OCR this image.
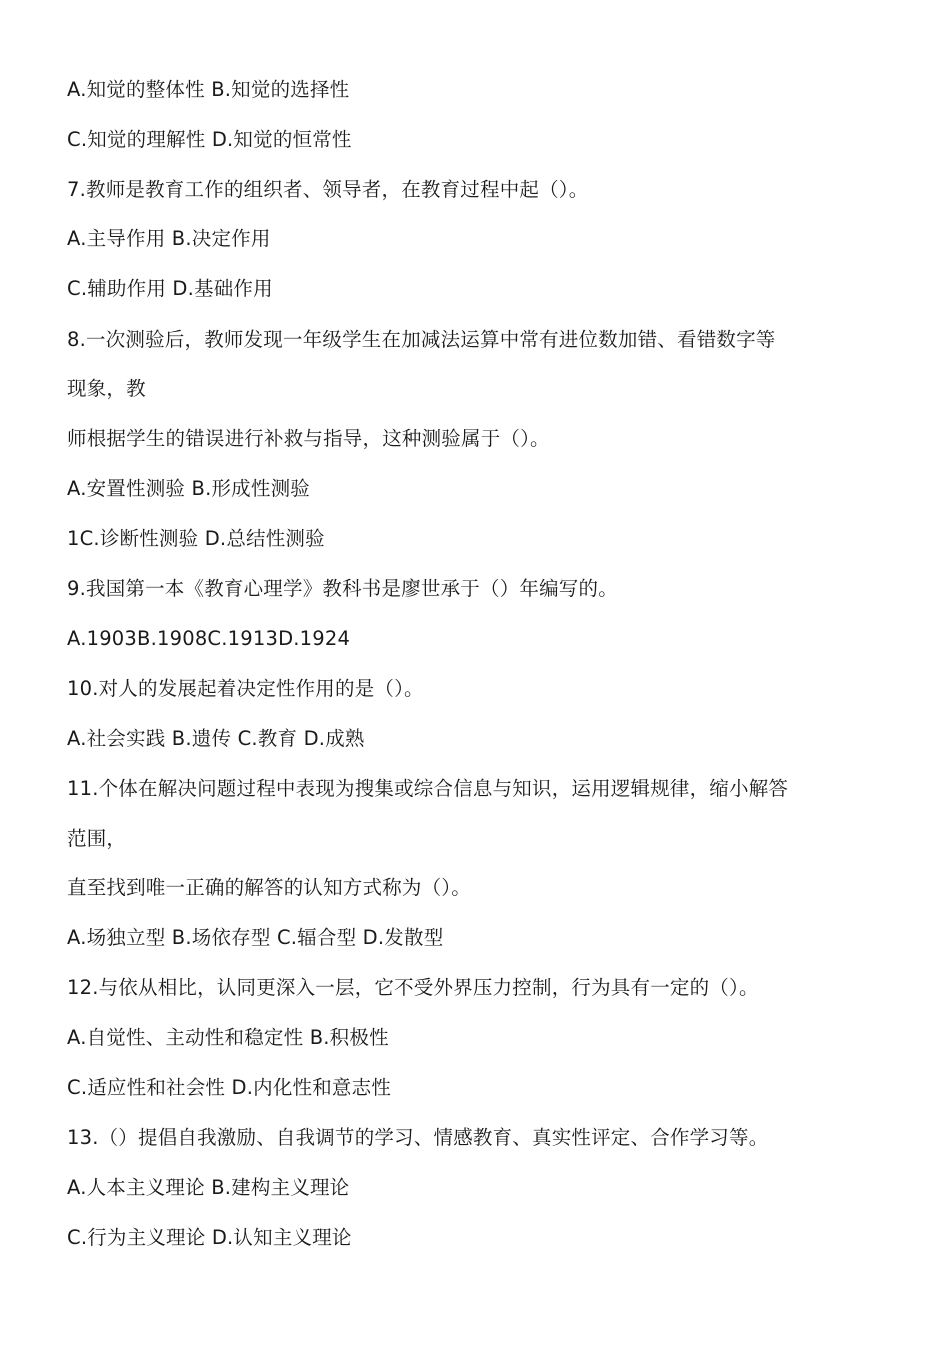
A.知觉的整体性 B.知觉的选择性
C.知觉的理解性 D.知觉的恒常性
7.教师是教育工作的组织者、领导者，在教育过程中起（）。
A.主导作用 B.决定作用
C.辅助作用 D.基础作用
8.一次测验后，教师发现一年级学生在加减法运算中常有进位数加错、看错数字等
现象，教
师根据学生的错误进行补救与指导，这种测验属于（）。
A.安置性测验 B.形成性测验
1C.诊断性测验 D.总结性测验
9.我国第一本《教育心理学》教科书是廖世承于（）年编写的。
A.1903B.1908C.1913D.1924
10.对人的发展起着决定性作用的是（）。
A.社会实践 B.遗传 C.教育 D.成熟
11.个体在解决问题过程中表现为搜集或综合信息与知识，运用逻辑规律，缩小解答
范围，
直至找到唯一正确的解答的认知方式称为（）。
A.场独立型 B.场依存型 C.辐合型 D.发散型
12.与依从相比，认同更深入一层，它不受外界压力控制，行为具有一定的（）。
A.自觉性、主动性和稳定性 B.积极性
C.适应性和社会性 D.内化性和意志性
13.（）提倡自我激励、自我调节的学习、情感教育、真实性评定、合作学习等。
A.人本主义理论 B.建构主义理论
C.行为主义理论 D.认知主义理论
